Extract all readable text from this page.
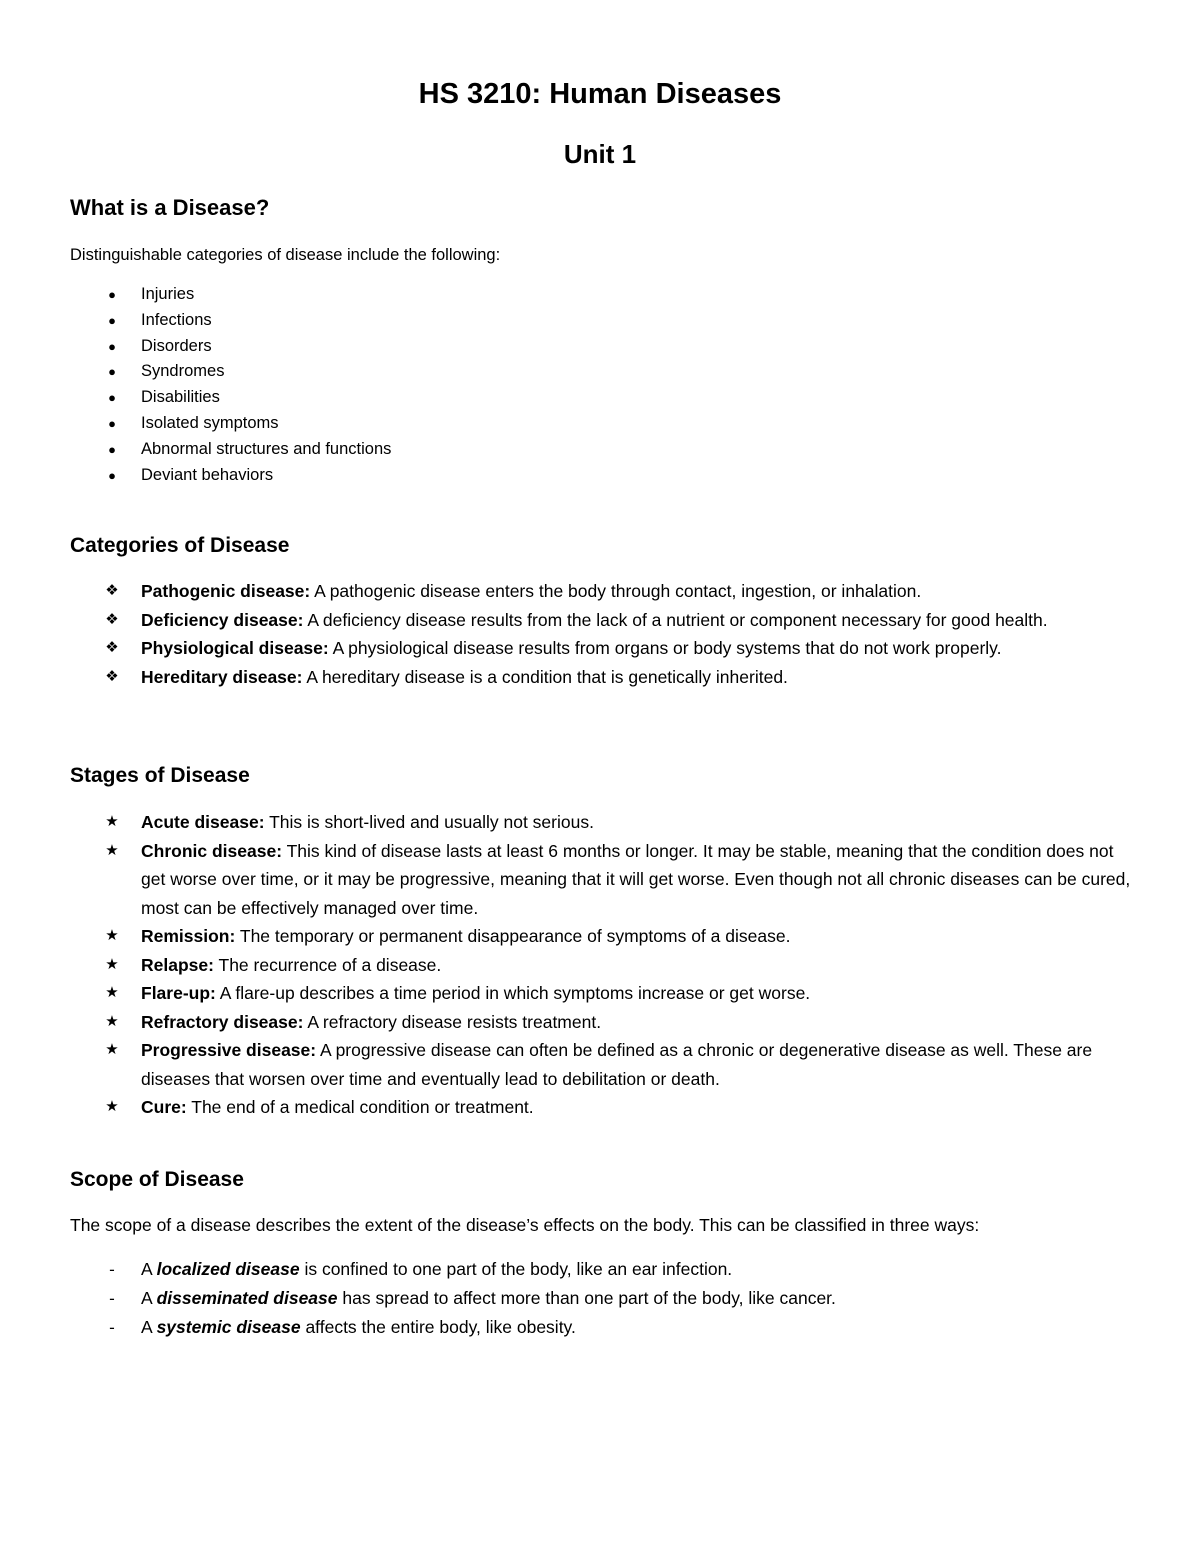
HS 3210: Human Diseases
Unit 1
What is a Disease?
Distinguishable categories of disease include the following:
●	Injuries
●	Infections
●	Disorders
●	Syndromes
●	Disabilities
●	Isolated symptoms
●	Abnormal structures and functions
●	Deviant behaviors
Categories of Disease
❖	Pathogenic disease: A pathogenic disease enters the body through contact, ingestion, or inhalation.
❖	Deficiency disease: A deficiency disease results from the lack of a nutrient or component necessary for good health.
❖	Physiological disease: A physiological disease results from organs or body systems that do not work properly.
❖	Hereditary disease: A hereditary disease is a condition that is genetically inherited.
Stages of Disease
★	Acute disease: This is short-lived and usually not serious.
★	Chronic disease: This kind of disease lasts at least 6 months or longer. It may be stable, meaning that the condition does not get worse over time, or it may be progressive, meaning that it will get worse. Even though not all chronic diseases can be cured, most can be effectively managed over time.
★	Remission: The temporary or permanent disappearance of symptoms of a disease.
★	Relapse: The recurrence of a disease.
★	Flare-up: A flare-up describes a time period in which symptoms increase or get worse.
★	Refractory disease: A refractory disease resists treatment.
★	Progressive disease: A progressive disease can often be defined as a chronic or degenerative disease as well. These are diseases that worsen over time and eventually lead to debilitation or death.
★	Cure: The end of a medical condition or treatment.
Scope of Disease
The scope of a disease describes the extent of the disease’s effects on the body. This can be classified in three ways:
-	A localized disease is confined to one part of the body, like an ear infection.
-	A disseminated disease has spread to affect more than one part of the body, like cancer.
-	A systemic disease affects the entire body, like obesity.
